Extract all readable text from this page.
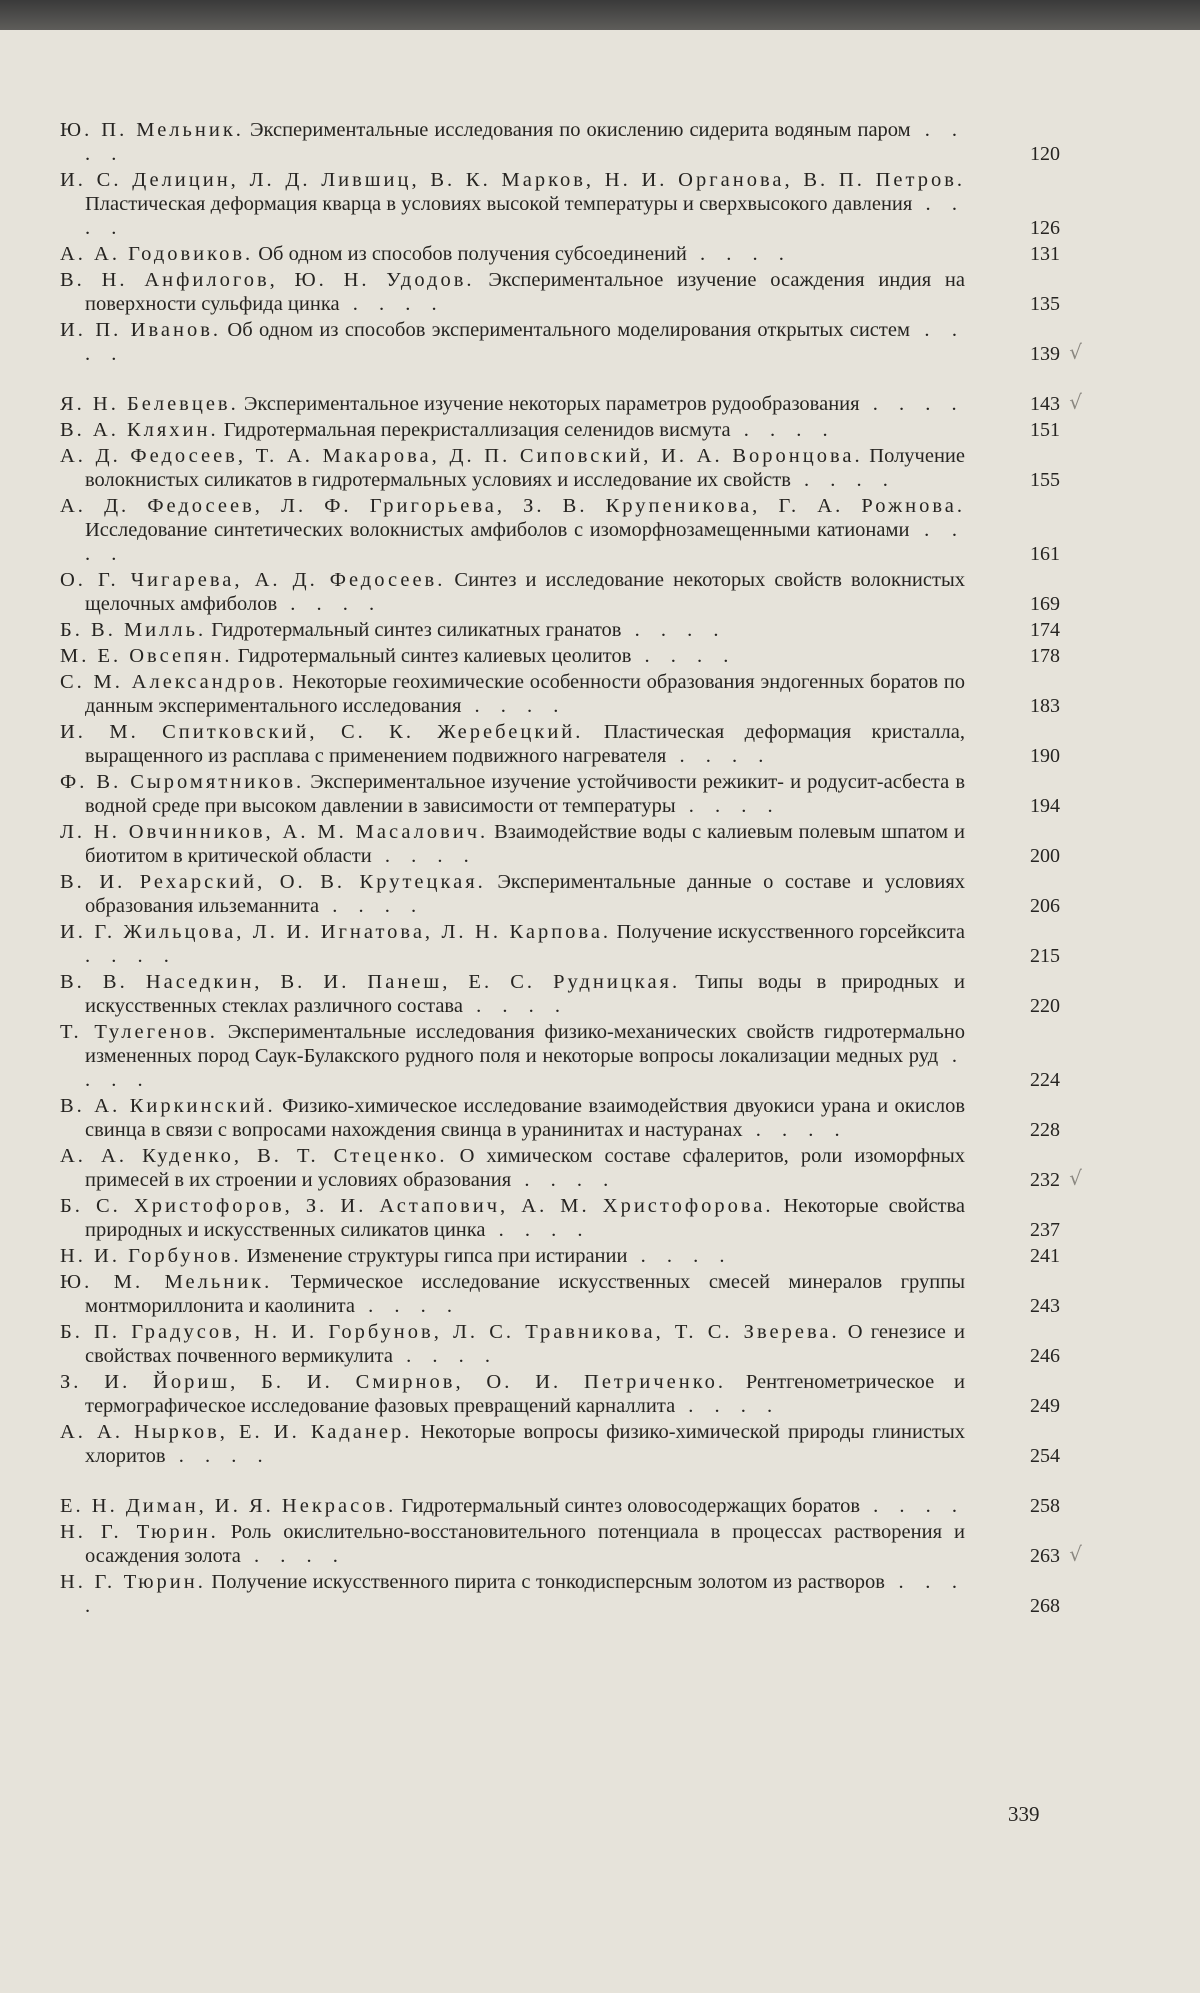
Ю. П. Мельник. Экспериментальные исследования по окислению сидерита водяным паром . . . .	120
И. С. Делицин, Л. Д. Лившиц, В. К. Марков, Н. И. Органова, В. П. Петров. Пластическая деформация кварца в условиях высокой температуры и сверхвысокого давления . . . .	126
А. А. Годовиков. Об одном из способов получения субсоединений . . . .	131
В. Н. Анфилогов, Ю. Н. Удодов. Экспериментальное изучение осаждения индия на поверхности сульфида цинка . . . .	135
И. П. Иванов. Об одном из способов экспериментального моделирования открытых систем . . . .	139 √
Я. Н. Белевцев. Экспериментальное изучение некоторых параметров рудообразования . . . .	143 √
В. А. Кляхин. Гидротермальная перекристаллизация селенидов висмута . . . .	151
А. Д. Федосеев, Т. А. Макарова, Д. П. Сиповский, И. А. Воронцова. Получение волокнистых силикатов в гидротермальных условиях и исследование их свойств . . . .	155
А. Д. Федосеев, Л. Ф. Григорьева, З. В. Крупеникова, Г. А. Рожнова. Исследование синтетических волокнистых амфиболов с изоморфнозамещенными катионами . . . .	161
О. Г. Чигарева, А. Д. Федосеев. Синтез и исследование некоторых свойств волокнистых щелочных амфиболов . . . .	169
Б. В. Милль. Гидротермальный синтез силикатных гранатов . . . .	174
М. Е. Овсепян. Гидротермальный синтез калиевых цеолитов . . . .	178
С. М. Александров. Некоторые геохимические особенности образования эндогенных боратов по данным экспериментального исследования . . . .	183
И. М. Спитковский, С. К. Жеребецкий. Пластическая деформация кристалла, выращенного из расплава с применением подвижного нагревателя . . . .	190
Ф. В. Сыромятников. Экспериментальное изучение устойчивости режикит- и родусит-асбеста в водной среде при высоком давлении в зависимости от температуры . . . .	194
Л. Н. Овчинников, А. М. Масалович. Взаимодействие воды с калиевым полевым шпатом и биотитом в критической области . . . .	200
В. И. Рехарский, О. В. Крутецкая. Экспериментальные данные о составе и условиях образования ильземаннита . . . .	206
И. Г. Жильцова, Л. И. Игнатова, Л. Н. Карпова. Получение искусственного горсейксита . . . .	215
В. В. Наседкин, В. И. Панеш, Е. С. Рудницкая. Типы воды в природных и искусственных стеклах различного состава . . . .	220
Т. Тулегенов. Экспериментальные исследования физико-механических свойств гидротермально измененных пород Саук-Булакского рудного поля и некоторые вопросы локализации медных руд . . . .	224
В. А. Киркинский. Физико-химическое исследование взаимодействия двуокиси урана и окислов свинца в связи с вопросами нахождения свинца в уранинитах и настуранах . . . .	228
А. А. Куденко, В. Т. Стеценко. О химическом составе сфалеритов, роли изоморфных примесей в их строении и условиях образования . . . .	232 √
Б. С. Христофоров, З. И. Астапович, А. М. Христофорова. Некоторые свойства природных и искусственных силикатов цинка . . . .	237
Н. И. Горбунов. Изменение структуры гипса при истирании . . . .	241
Ю. М. Мельник. Термическое исследование искусственных смесей минералов группы монтмориллонита и каолинита . . . .	243
Б. П. Градусов, Н. И. Горбунов, Л. С. Травникова, Т. С. Зверева. О генезисе и свойствах почвенного вермикулита . . . .	246
З. И. Йориш, Б. И. Смирнов, О. И. Петриченко. Рентгенометрическое и термографическое исследование фазовых превращений карналлита . . . .	249
А. А. Нырков, Е. И. Каданер. Некоторые вопросы физико-химической природы глинистых хлоритов . . . .	254
Е. Н. Диман, И. Я. Некрасов. Гидротермальный синтез оловосодержащих боратов . . . .	258
Н. Г. Тюрин. Роль окислительно-восстановительного потенциала в процессах растворения и осаждения золота . . . .	263 √
Н. Г. Тюрин. Получение искусственного пирита с тонкодисперсным золотом из растворов . . . .	268
339
